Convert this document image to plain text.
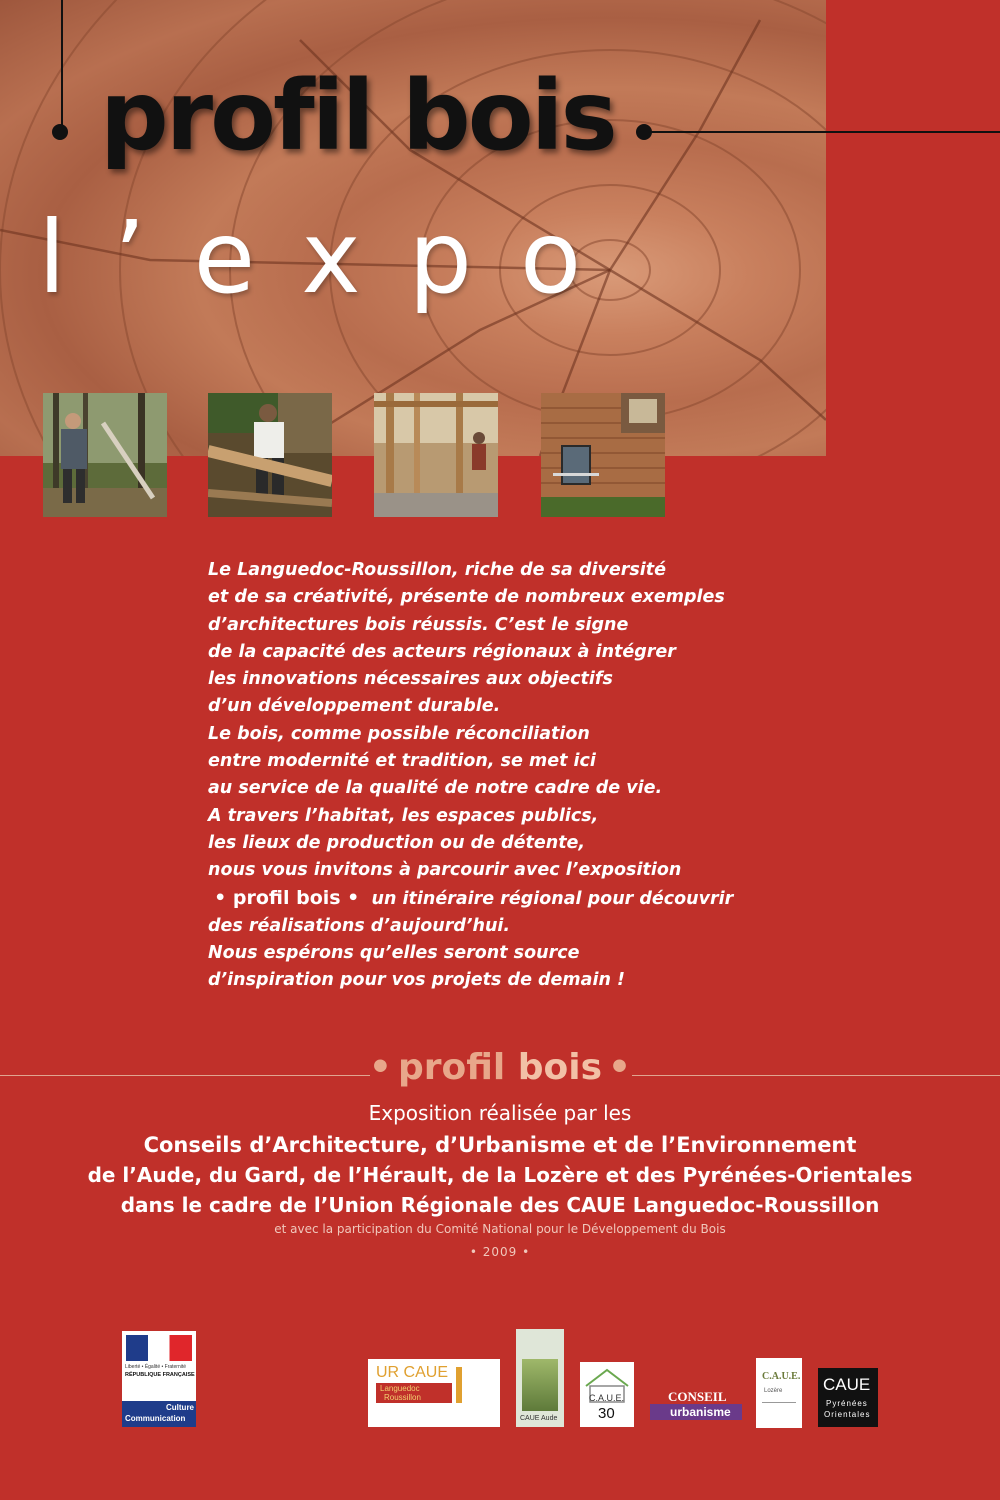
profil bois
l’expo

Le Languedoc-Roussillon, riche de sa diversité

et de sa créativité, présente de nombreux exemples

d’architectures bois réussis. C’est le signe

de la capacité des acteurs régionaux à intégrer

les innovations nécessaires aux objectifs

d’un développement durable.

Le bois, comme possible réconciliation

entre modernité et tradition, se met ici

au service de la qualité de notre cadre de vie.

A travers l’habitat, les espaces publics,

les lieux de production ou de détente,

nous vous invitons à parcourir avec l’exposition

• profil bois • un itinéraire régional pour découvrir

des réalisations d’aujourd’hui.

Nous espérons qu’elles seront source

d’inspiration pour vos projets de demain !

• profil bois •
Exposition réalisée par les
Conseils d’Architecture, d’Urbanisme et de l’Environnement
de l’Aude, du Gard, de l’Hérault, de la Lozère et des Pyrénées-Orientales
dans le cadre de l’Union Régionale des CAUE Languedoc-Roussillon
et avec la participation du Comité National pour le Développement du Bois
• 2009 •
Liberté • Égalité • Fraternité
RÉPUBLIQUE FRANÇAISE
Culture
Communication
UR CAUE
Languedoc
Roussillon
CAUE Aude
C.A.U.E.
30
CONSEIL
urbanisme
C.A.U.E.
Lozère CAUE
Pyrénées
Orientales
